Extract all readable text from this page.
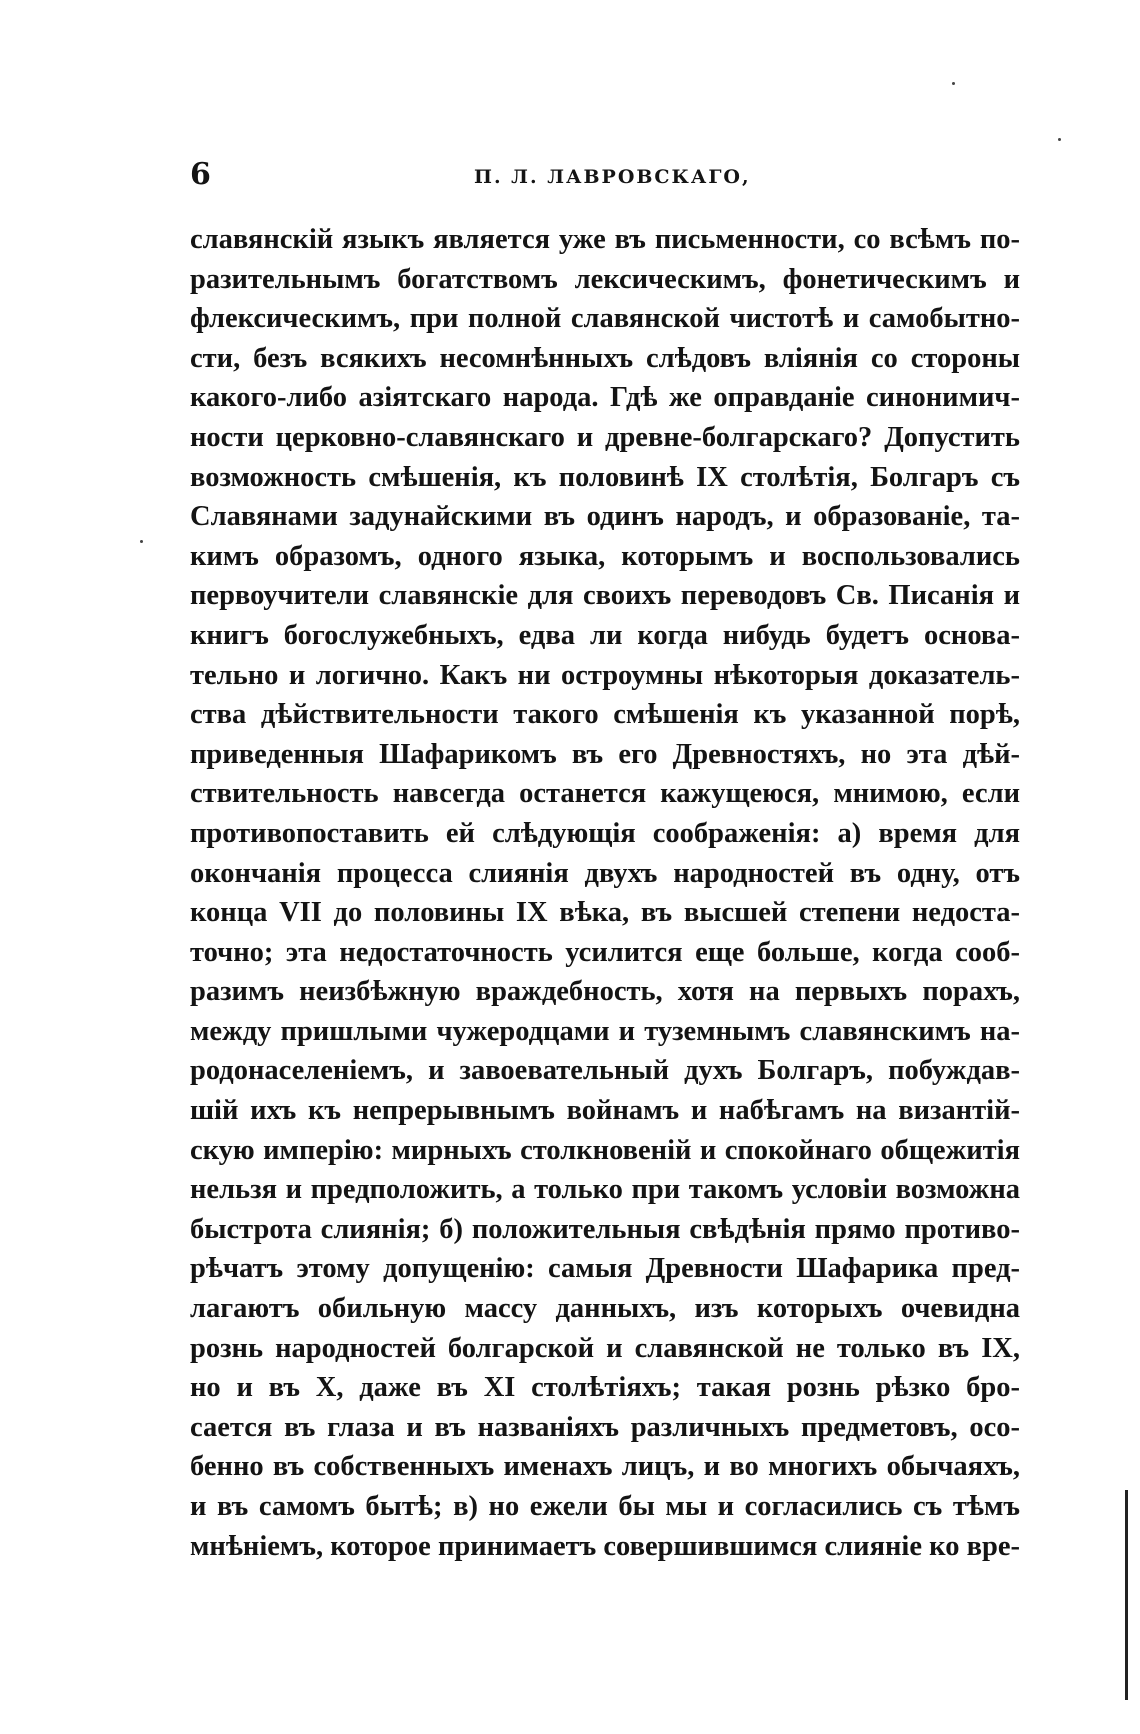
6	П. Л. ЛАВРОВСКАГО,
славянскій языкъ является уже въ письменности, со всѣмъ по-
разительнымъ богатствомъ лексическимъ, фонетическимъ и
флексическимъ, при полной славянской чистотѣ и самобытно-
сти, безъ всякихъ несомнѣнныхъ слѣдовъ вліянія со стороны
какого-либо азіятскаго народа. Гдѣ же оправданіе синонимич-
ности церковно-славянскаго и древне-болгарскаго? Допустить
возможность смѣшенія, къ половинѣ IX столѣтія, Болгаръ съ
Славянами задунайскими въ одинъ народъ, и образованіе, та-
кимъ образомъ, одного языка, которымъ и воспользовались
первоучители славянскіе для своихъ переводовъ Св. Писанія и
книгъ богослужебныхъ, едва ли когда нибудь будетъ основа-
тельно и логично. Какъ ни остроумны нѣкоторыя доказатель-
ства дѣйствительности такого смѣшенія къ указанной порѣ,
приведенныя Шафарикомъ въ его Древностяхъ, но эта дѣй-
ствительность навсегда останется кажущеюся, мнимою, если
противопоставить ей слѣдующія соображенія: а) время для
окончанія процесса слиянія двухъ народностей въ одну, отъ
конца VII до половины IX вѣка, въ высшей степени недоста-
точно; эта недостаточность усилится еще больше, когда сооб-
разимъ неизбѣжную враждебность, хотя на первыхъ порахъ,
между пришлыми чужеродцами и туземнымъ славянскимъ на-
родонаселеніемъ, и завоевательный духъ Болгаръ, побуждав-
шій ихъ къ непрерывнымъ войнамъ и набѣгамъ на византій-
скую имперію: мирныхъ столкновеній и спокойнаго общежитія
нельзя и предположить, а только при такомъ условіи возможна
быстрота слиянія; б) положительныя свѣдѣнія прямо противо-
рѣчатъ этому допущенію: самыя Древности Шафарика пред-
лагаютъ обильную массу данныхъ, изъ которыхъ очевидна
рознь народностей болгарской и славянской не только въ IX,
но и въ X, даже въ XI столѣтіяхъ; такая рознь рѣзко бро-
сается въ глаза и въ названіяхъ различныхъ предметовъ, осо-
бенно въ собственныхъ именахъ лицъ, и во многихъ обычаяхъ,
и въ самомъ бытѣ; в) но ежели бы мы и согласились съ тѣмъ
мнѣніемъ, которое принимаетъ совершившимся слияніе ко вре-
